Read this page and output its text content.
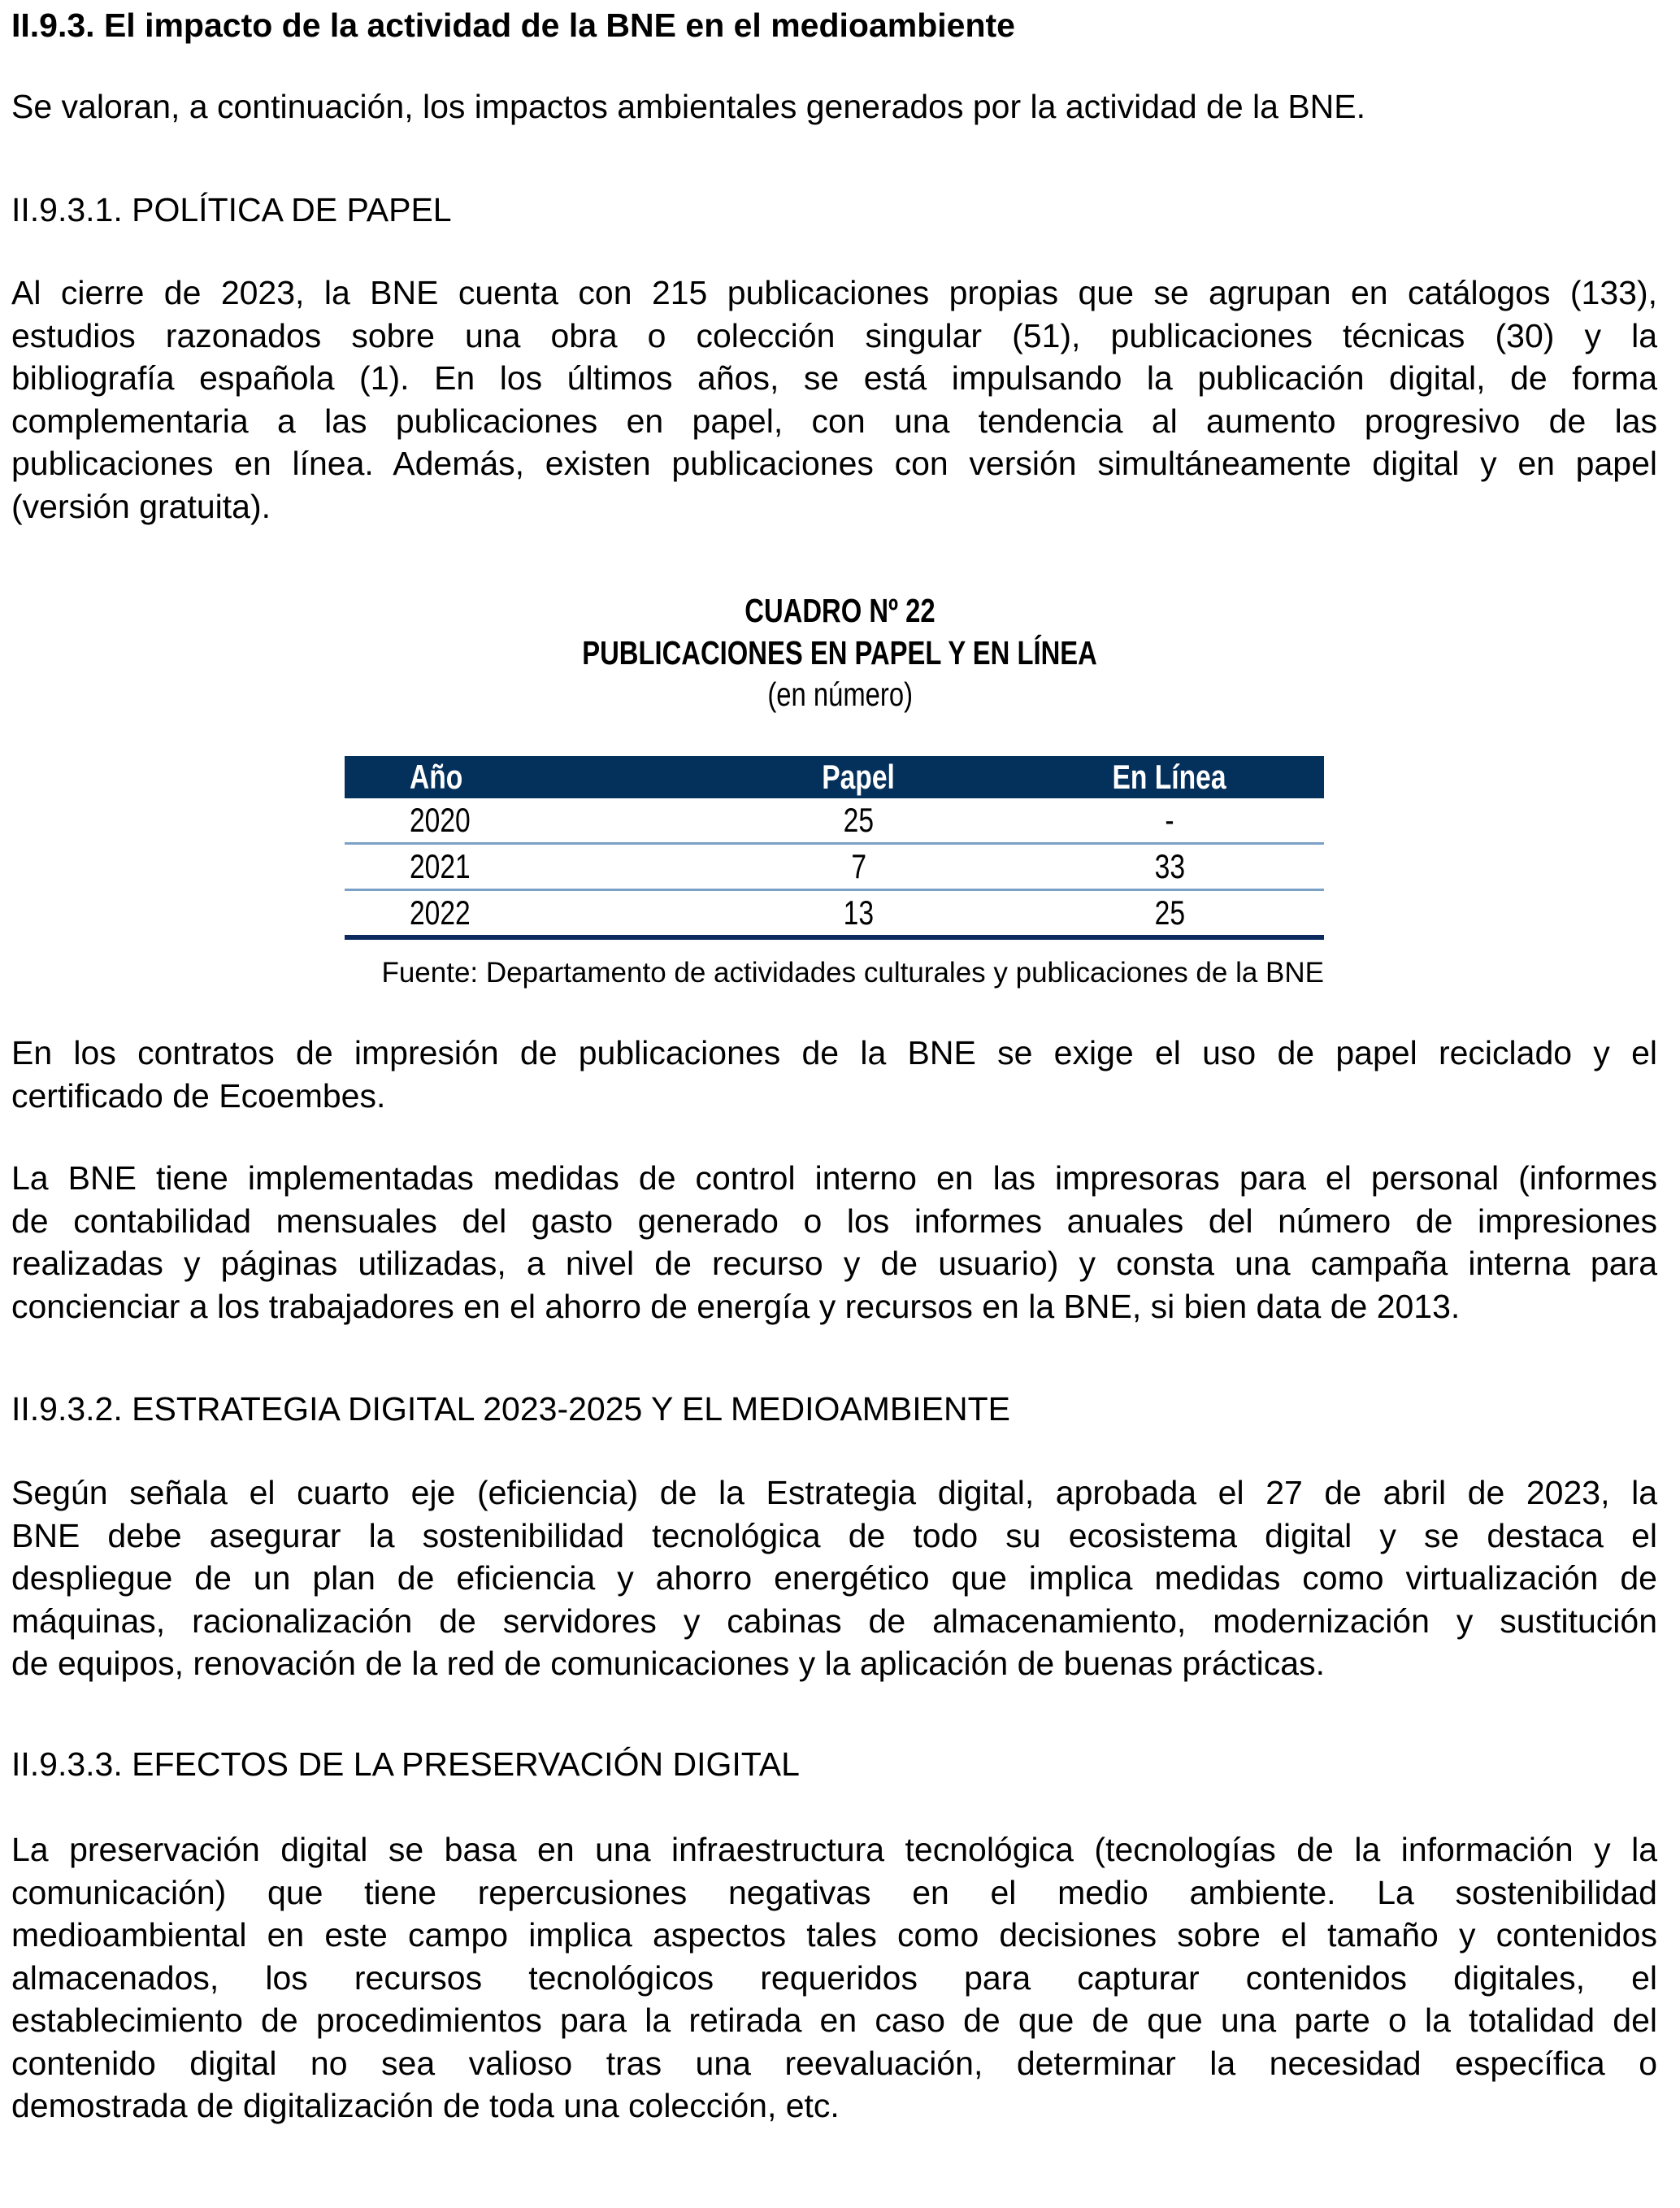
II.9.3. El impacto de la actividad de la BNE en el medioambiente
Se valoran, a continuación, los impactos ambientales generados por la actividad de la BNE.
II.9.3.1. POLÍTICA DE PAPEL
Al cierre de 2023, la BNE cuenta con 215 publicaciones propias que se agrupan en catálogos (133),
estudios razonados sobre una obra o colección singular (51), publicaciones técnicas (30) y la
bibliografía española (1). En los últimos años, se está impulsando la publicación digital, de forma
complementaria a las publicaciones en papel, con una tendencia al aumento progresivo de las
publicaciones en línea. Además, existen publicaciones con versión simultáneamente digital y en papel
(versión gratuita).
CUADRO Nº 22
PUBLICACIONES EN PAPEL Y EN LÍNEA
(en número)
Año	Papel	En Línea
2020	25	-
2021	7	33
2022	13	25
Fuente: Departamento de actividades culturales y publicaciones de la BNE
En los contratos de impresión de publicaciones de la BNE se exige el uso de papel reciclado y el
certificado de Ecoembes.
La BNE tiene implementadas medidas de control interno en las impresoras para el personal (informes
de contabilidad mensuales del gasto generado o los informes anuales del número de impresiones
realizadas y páginas utilizadas, a nivel de recurso y de usuario) y consta una campaña interna para
concienciar a los trabajadores en el ahorro de energía y recursos en la BNE, si bien data de 2013.
II.9.3.2. ESTRATEGIA DIGITAL 2023-2025 Y EL MEDIOAMBIENTE
Según señala el cuarto eje (eficiencia) de la Estrategia digital, aprobada el 27 de abril de 2023, la
BNE debe asegurar la sostenibilidad tecnológica de todo su ecosistema digital y se destaca el
despliegue de un plan de eficiencia y ahorro energético que implica medidas como virtualización de
máquinas, racionalización de servidores y cabinas de almacenamiento, modernización y sustitución
de equipos, renovación de la red de comunicaciones y la aplicación de buenas prácticas.
II.9.3.3. EFECTOS DE LA PRESERVACIÓN DIGITAL
La preservación digital se basa en una infraestructura tecnológica (tecnologías de la información y la
comunicación) que tiene repercusiones negativas en el medio ambiente. La sostenibilidad
medioambiental en este campo implica aspectos tales como decisiones sobre el tamaño y contenidos
almacenados, los recursos tecnológicos requeridos para capturar contenidos digitales, el
establecimiento de procedimientos para la retirada en caso de que de que una parte o la totalidad del
contenido digital no sea valioso tras una reevaluación, determinar la necesidad específica o
demostrada de digitalización de toda una colección, etc.
